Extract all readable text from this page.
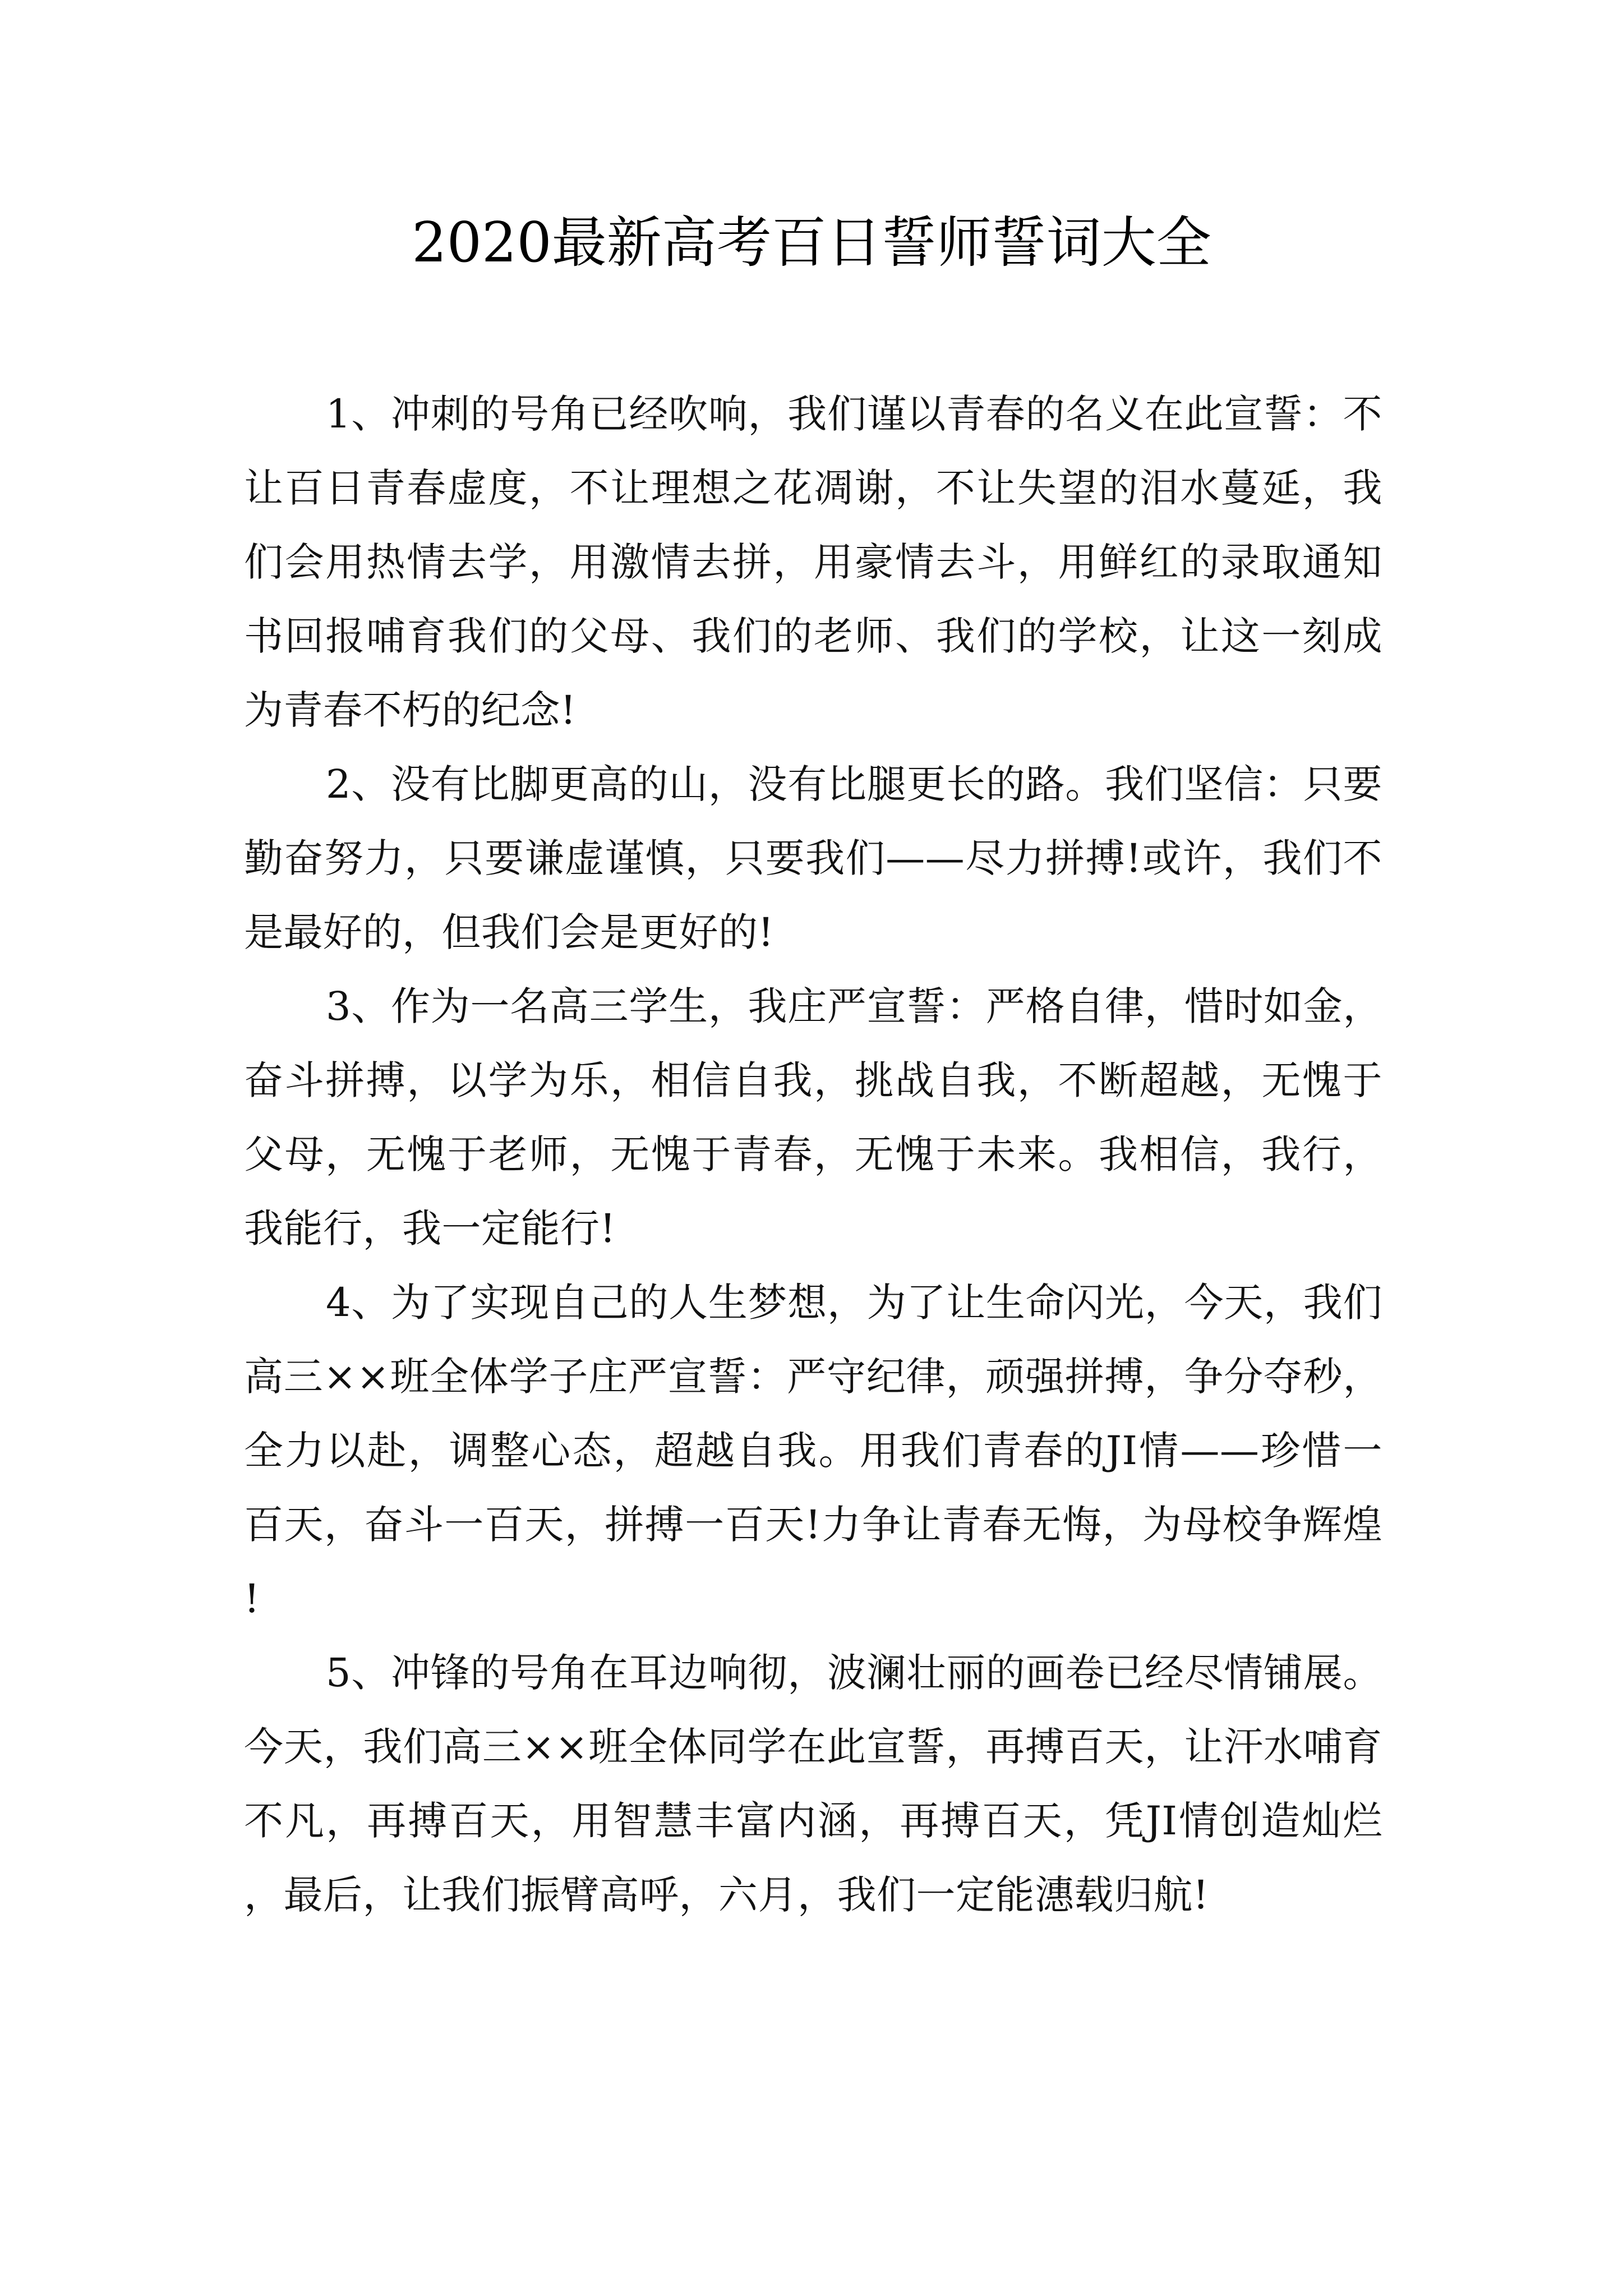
2020最新高考百日誓师誓词大全

1、冲刺的号角已经吹响，我们谨以青春的名义在此宣誓：不让百日青春虚度，不让理想之花凋谢，不让失望的泪水蔓延，我们会用热情去学，用激情去拼，用豪情去斗，用鲜红的录取通知书回报哺育我们的父母、我们的老师、我们的学校，让这一刻成为青春不朽的纪念!

2、没有比脚更高的山，没有比腿更长的路。我们坚信：只要勤奋努力，只要谦虚谨慎，只要我们——尽力拼搏!或许，我们不是最好的，但我们会是更好的!

3、作为一名高三学生，我庄严宣誓：严格自律，惜时如金，奋斗拼搏，以学为乐，相信自我，挑战自我，不断超越，无愧于父母，无愧于老师，无愧于青春，无愧于未来。我相信，我行，我能行，我一定能行!

4、为了实现自己的人生梦想，为了让生命闪光，今天，我们高三××班全体学子庄严宣誓：严守纪律，顽强拼搏，争分夺秒，全力以赴，调整心态，超越自我。用我们青春的JI情——珍惜一百天，奋斗一百天，拼搏一百天!力争让青春无悔，为母校争辉煌!

5、冲锋的号角在耳边响彻，波澜壮丽的画卷已经尽情铺展。今天，我们高三××班全体同学在此宣誓，再搏百天，让汗水哺育不凡，再搏百天，用智慧丰富内涵，再搏百天，凭JI情创造灿烂，最后，让我们振臂高呼，六月，我们一定能潓载归航!
